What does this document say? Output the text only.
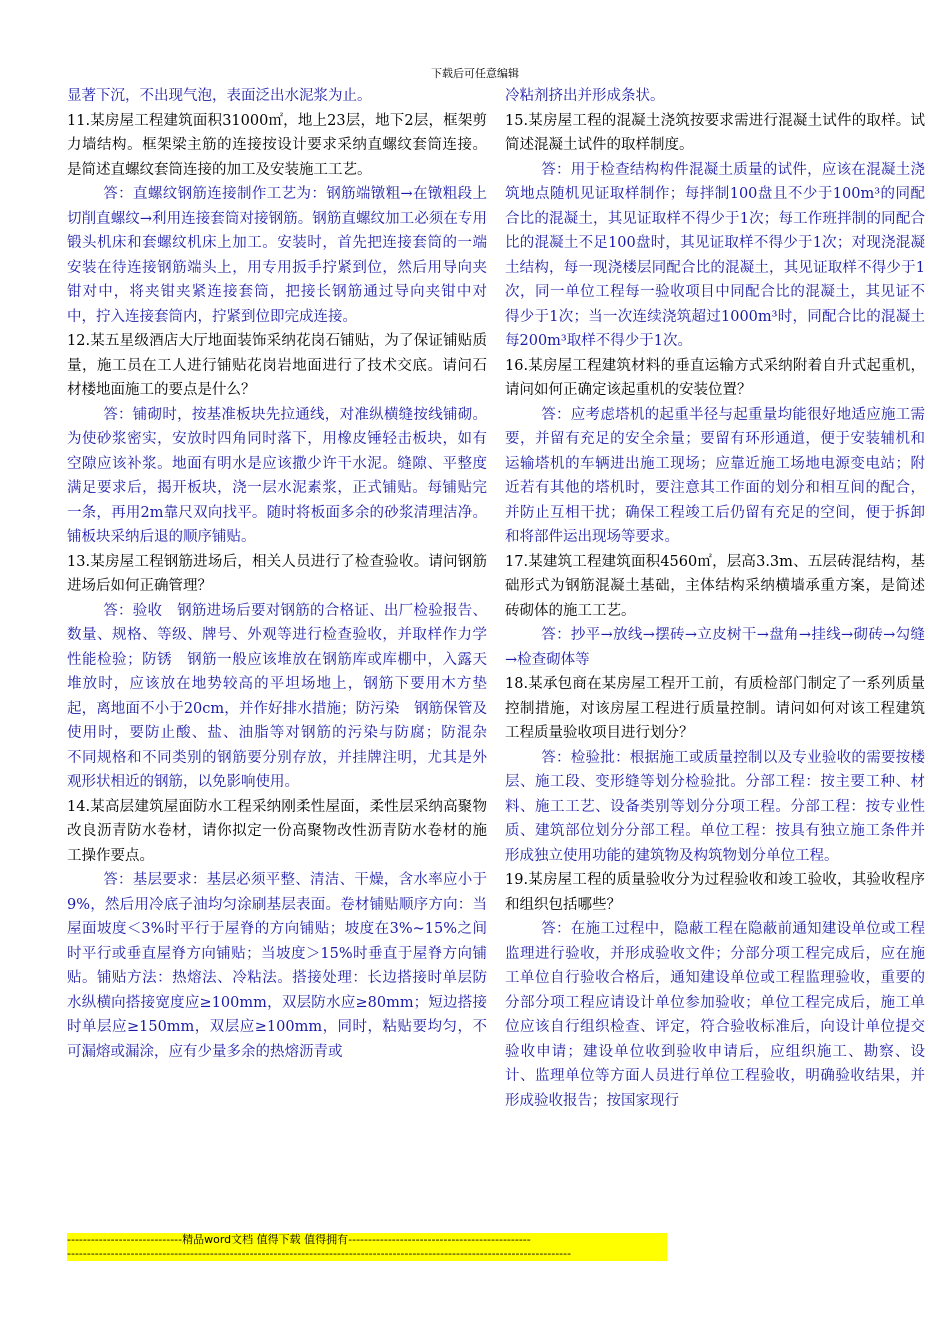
下载后可任意编辑

显著下沉，不出现气泡，表面泛出水泥浆为止。

11.某房屋工程建筑面积31000㎡，地上23层，地下2层，框架剪力墙结构。框架梁主筋的连接按设计要求采纳直螺纹套筒连接。是简述直螺纹套筒连接的加工及安装施工工艺。

答：直螺纹钢筋连接制作工艺为：钢筋端镦粗→在镦粗段上切削直螺纹→利用连接套筒对接钢筋。钢筋直螺纹加工必须在专用锻头机床和套螺纹机床上加工。安装时，首先把连接套筒的一端安装在待连接钢筋端头上，用专用扳手拧紧到位，然后用导向夹钳对中，将夹钳夹紧连接套筒，把接长钢筋通过导向夹钳中对中，拧入连接套筒内，拧紧到位即完成连接。

12.某五星级酒店大厅地面装饰采纳花岗石铺贴，为了保证铺贴质量，施工员在工人进行铺贴花岗岩地面进行了技术交底。请问石材楼地面施工的要点是什么？

答：铺砌时，按基准板块先拉通线，对准纵横缝按线铺砌。为使砂浆密实，安放时四角同时落下，用橡皮锤轻击板块，如有空隙应该补浆。地面有明水是应该撒少许干水泥。缝隙、平整度满足要求后，揭开板块，浇一层水泥素浆，正式铺贴。每铺贴完一条，再用2m靠尺双向找平。随时将板面多余的砂浆清理洁净。铺板块采纳后退的顺序铺贴。

13.某房屋工程钢筋进场后，相关人员进行了检查验收。请问钢筋进场后如何正确管理？

答：验收　钢筋进场后要对钢筋的合格证、出厂检验报告、数量、规格、等级、牌号、外观等进行检查验收，并取样作力学性能检验；防锈　钢筋一般应该堆放在钢筋库或库棚中，入露天堆放时，应该放在地势较高的平坦场地上，钢筋下要用木方垫起，离地面不小于20cm，并作好排水措施；防污染　钢筋保管及使用时，要防止酸、盐、油脂等对钢筋的污染与防腐；防混杂　不同规格和不同类别的钢筋要分别存放，并挂牌注明，尤其是外观形状相近的钢筋，以免影响使用。

14.某高层建筑屋面防水工程采纳刚柔性屋面，柔性层采纳高聚物改良沥青防水卷材，请你拟定一份高聚物改性沥青防水卷材的施工操作要点。

答：基层要求：基层必须平整、清洁、干燥，含水率应小于9%，然后用冷底子油均匀涂刷基层表面。卷材铺贴顺序方向：当屋面坡度＜3%时平行于屋脊的方向铺贴；坡度在3%~15%之间时平行或垂直屋脊方向铺贴；当坡度＞15%时垂直于屋脊方向铺贴。铺贴方法：热熔法、冷粘法。搭接处理：长边搭接时单层防水纵横向搭接宽度应≥100mm，双层防水应≥80mm；短边搭接时单层应≥150mm，双层应≥100mm，同时，粘贴要均匀，不可漏熔或漏涂，应有少量多余的热熔沥青或

冷粘剂挤出并形成条状。

15.某房屋工程的混凝土浇筑按要求需进行混凝土试件的取样。试简述混凝土试件的取样制度。

答：用于检查结构构件混凝土质量的试件，应该在混凝土浇筑地点随机见证取样制作；每拌制100盘且不少于100m³的同配合比的混凝土，其见证取样不得少于1次；每工作班拌制的同配合比的混凝土不足100盘时，其见证取样不得少于1次；对现浇混凝土结构，每一现浇楼层同配合比的混凝土，其见证取样不得少于1次，同一单位工程每一验收项目中同配合比的混凝土，其见证不得少于1次；当一次连续浇筑超过1000m³时，同配合比的混凝土每200m³取样不得少于1次。

16.某房屋工程建筑材料的垂直运输方式采纳附着自升式起重机，请问如何正确定该起重机的安装位置？

答：应考虑塔机的起重半径与起重量均能很好地适应施工需要，并留有充足的安全余量；要留有环形通道，便于安装辅机和运输塔机的车辆进出施工现场；应靠近施工场地电源变电站；附近若有其他的塔机时，要注意其工作面的划分和相互间的配合，并防止互相干扰；确保工程竣工后仍留有充足的空间，便于拆卸和将部件运出现场等要求。

17.某建筑工程建筑面积4560㎡，层高3.3m、五层砖混结构，基础形式为钢筋混凝土基础，主体结构采纳横墙承重方案，是简述砖砌体的施工工艺。

答：抄平→放线→摆砖→立皮树干→盘角→挂线→砌砖→勾缝→检查砌体等

18.某承包商在某房屋工程开工前，有质检部门制定了一系列质量控制措施，对该房屋工程进行质量控制。请问如何对该工程建筑工程质量验收项目进行划分？

答：检验批：根据施工或质量控制以及专业验收的需要按楼层、施工段、变形缝等划分检验批。分部工程：按主要工种、材料、施工工艺、设备类别等划分分项工程。分部工程：按专业性质、建筑部位划分分部工程。单位工程：按具有独立施工条件并形成独立使用功能的建筑物及构筑物划分单位工程。

19.某房屋工程的质量验收分为过程验收和竣工验收，其验收程序和组织包括哪些？

答：在施工过程中，隐蔽工程在隐蔽前通知建设单位或工程监理进行验收，并形成验收文件；分部分项工程完成后，应在施工单位自行验收合格后，通知建设单位或工程监理验收，重要的分部分项工程应请设计单位参加验收；单位工程完成后，施工单位应该自行组织检查、评定，符合验收标准后，向设计单位提交验收申请；建设单位收到验收申请后，应组织施工、勘察、设计、监理单位等方面人员进行单位工程验收，明确验收结果，并形成验收报告；按国家现行

-----------------------------精品word文档 值得下载 值得拥有----------------------------------------------
-------------------------------------------------------------------------------------------------------------------------------
